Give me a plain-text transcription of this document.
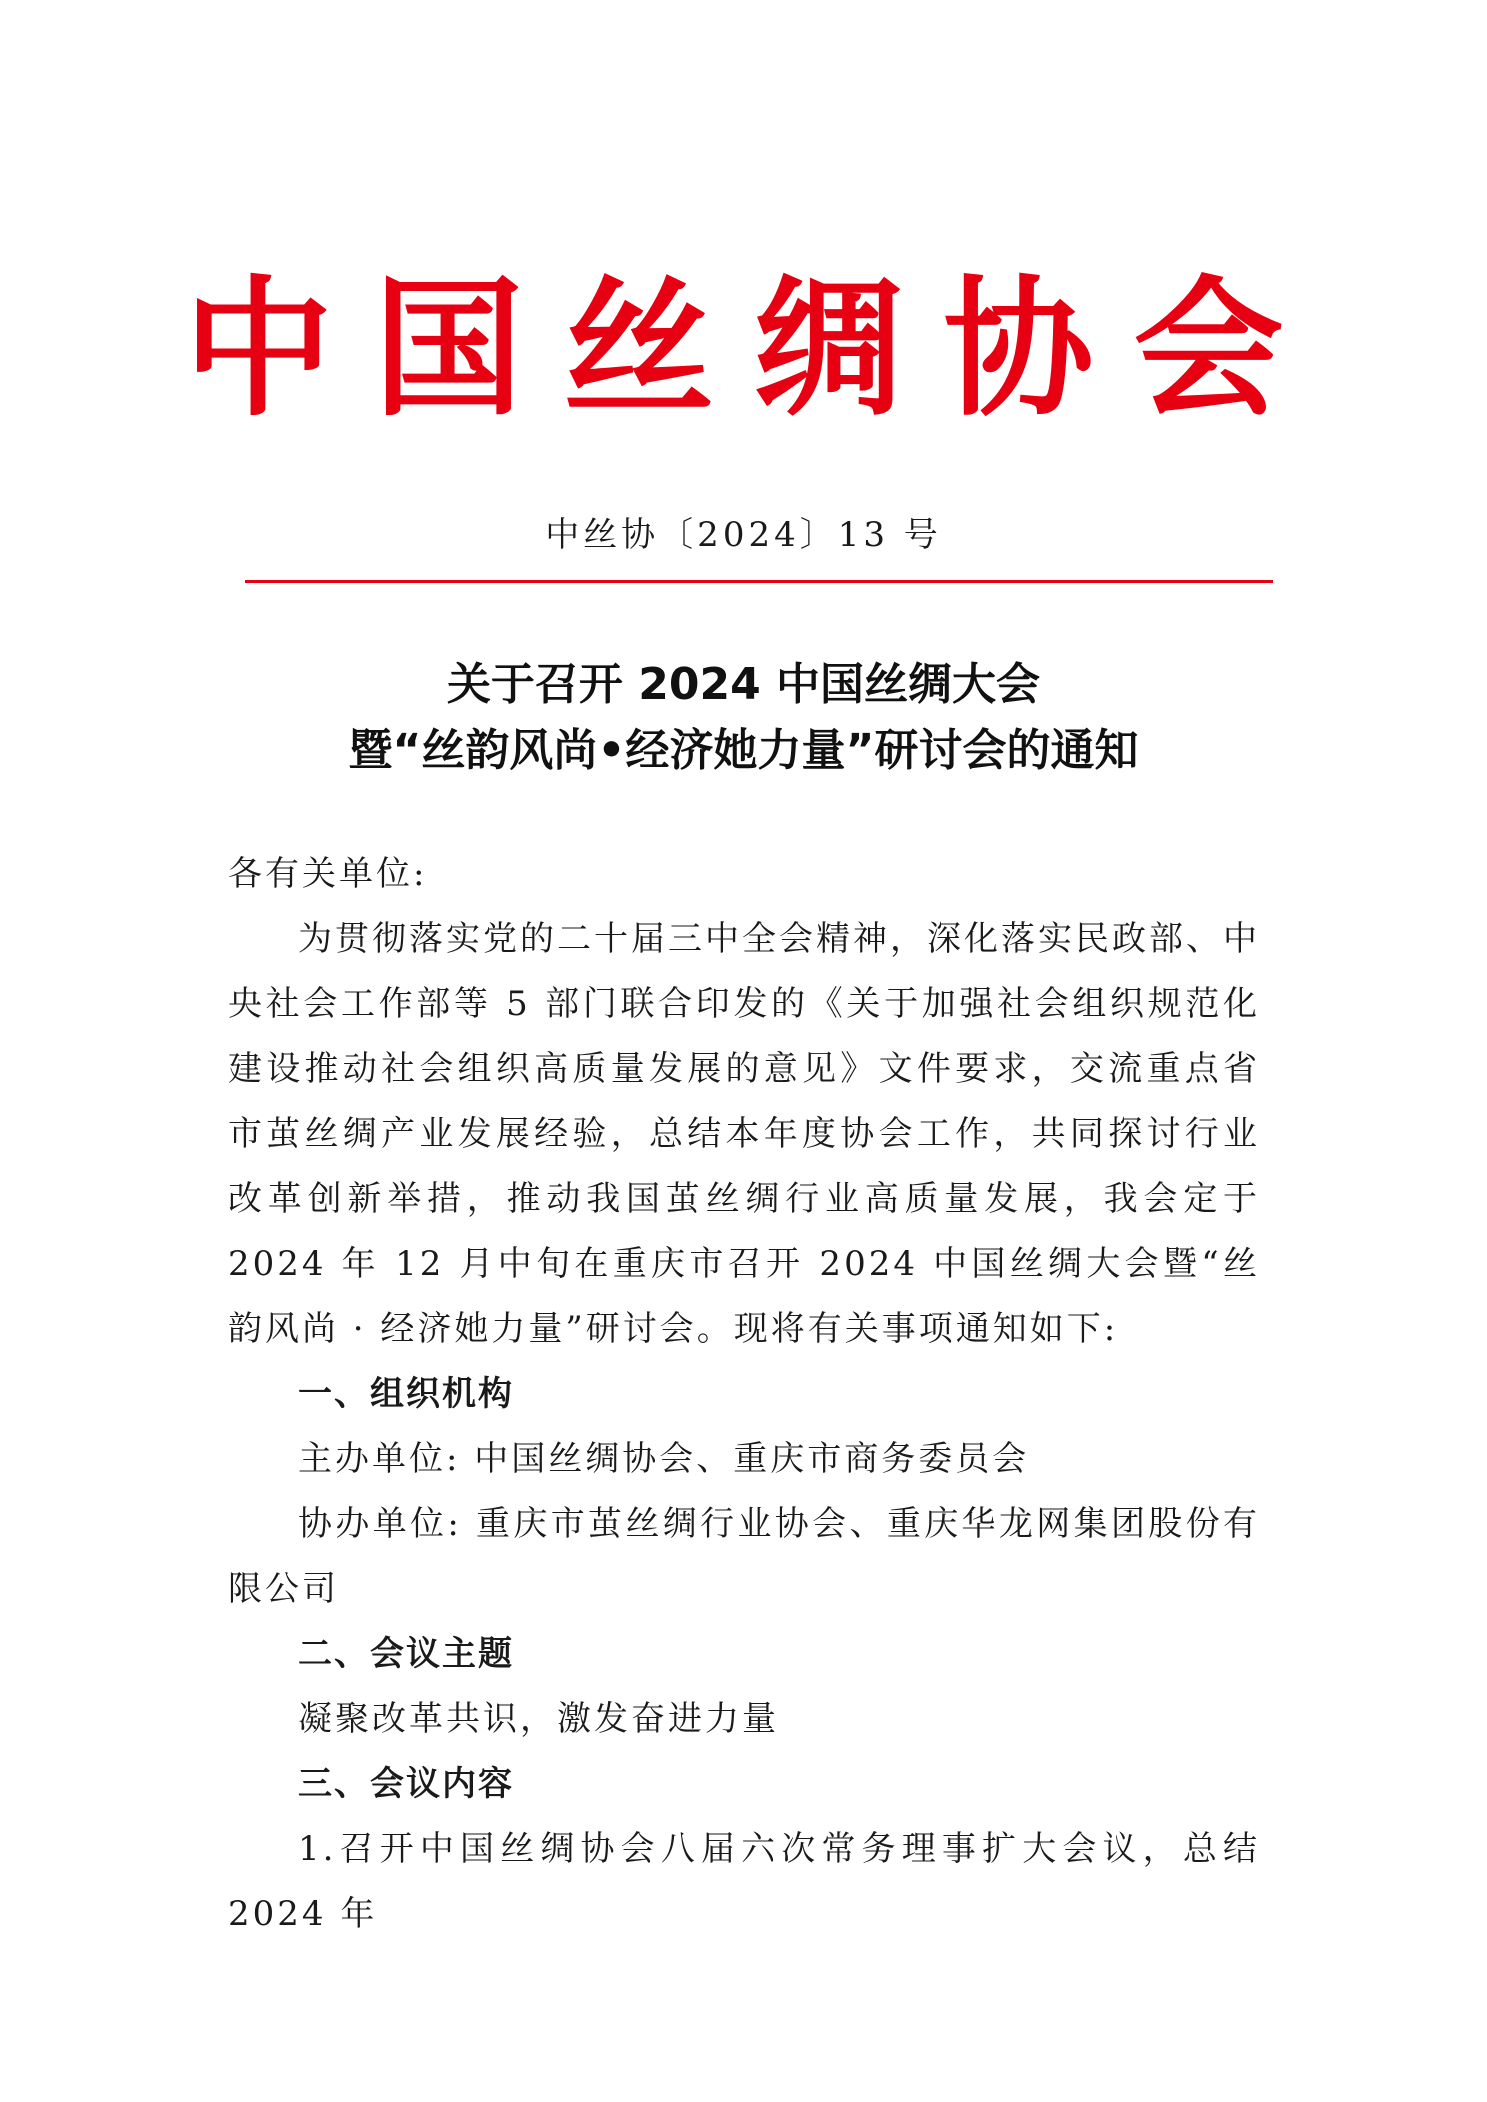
中国丝绸协会
中丝协〔2024〕13 号
关于召开 2024 中国丝绸大会
暨“丝韵风尚•经济她力量”研讨会的通知

各有关单位:

为贯彻落实党的二十届三中全会精神，深化落实民政部、中央社会工作部等 5 部门联合印发的《关于加强社会组织规范化建设推动社会组织高质量发展的意见》文件要求，交流重点省市茧丝绸产业发展经验，总结本年度协会工作，共同探讨行业改革创新举措，推动我国茧丝绸行业高质量发展，我会定于 2024 年 12 月中旬在重庆市召开 2024 中国丝绸大会暨“丝韵风尚 · 经济她力量”研讨会。现将有关事项通知如下:

一、组织机构

主办单位: 中国丝绸协会、重庆市商务委员会

协办单位: 重庆市茧丝绸行业协会、重庆华龙网集团股份有限公司

二、会议主题

凝聚改革共识，激发奋进力量

三、会议内容

1.召开中国丝绸协会八届六次常务理事扩大会议，总结 2024 年
